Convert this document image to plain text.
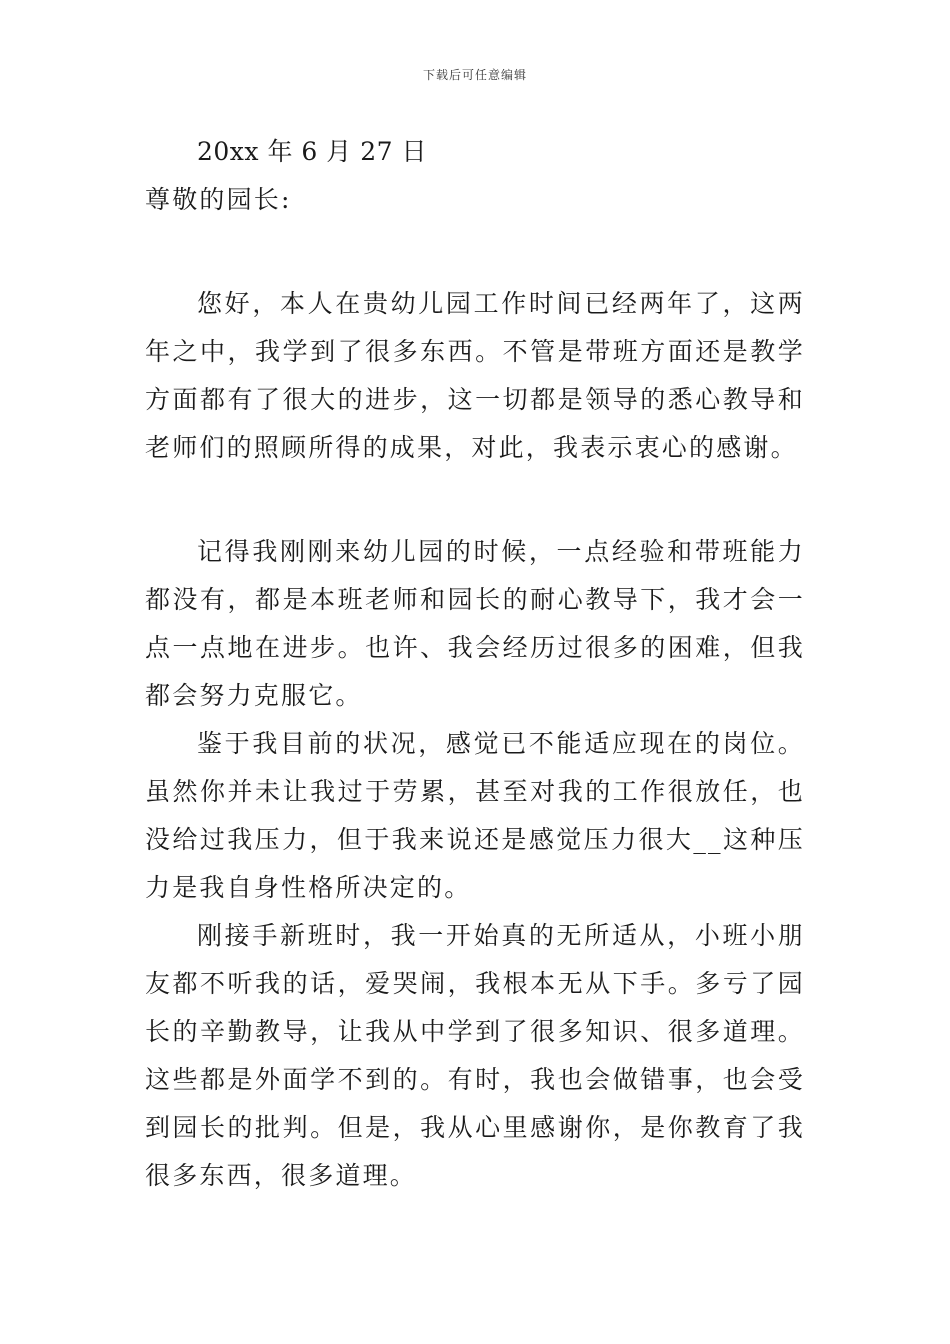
下载后可任意编辑

20xx 年 6 月 27 日

尊敬的园长:

您好，本人在贵幼儿园工作时间已经两年了，这两年之中，我学到了很多东西。不管是带班方面还是教学方面都有了很大的进步，这一切都是领导的悉心教导和老师们的照顾所得的成果，对此，我表示衷心的感谢。

记得我刚刚来幼儿园的时候，一点经验和带班能力都没有，都是本班老师和园长的耐心教导下，我才会一点一点地在进步。也许、我会经历过很多的困难，但我都会努力克服它。

鉴于我目前的状况，感觉已不能适应现在的岗位。虽然你并未让我过于劳累，甚至对我的工作很放任，也没给过我压力，但于我来说还是感觉压力很大__这种压力是我自身性格所决定的。

刚接手新班时，我一开始真的无所适从，小班小朋友都不听我的话，爱哭闹，我根本无从下手。多亏了园长的辛勤教导，让我从中学到了很多知识、很多道理。这些都是外面学不到的。有时，我也会做错事，也会受到园长的批判。但是，我从心里感谢你，是你教育了我很多东西，很多道理。
